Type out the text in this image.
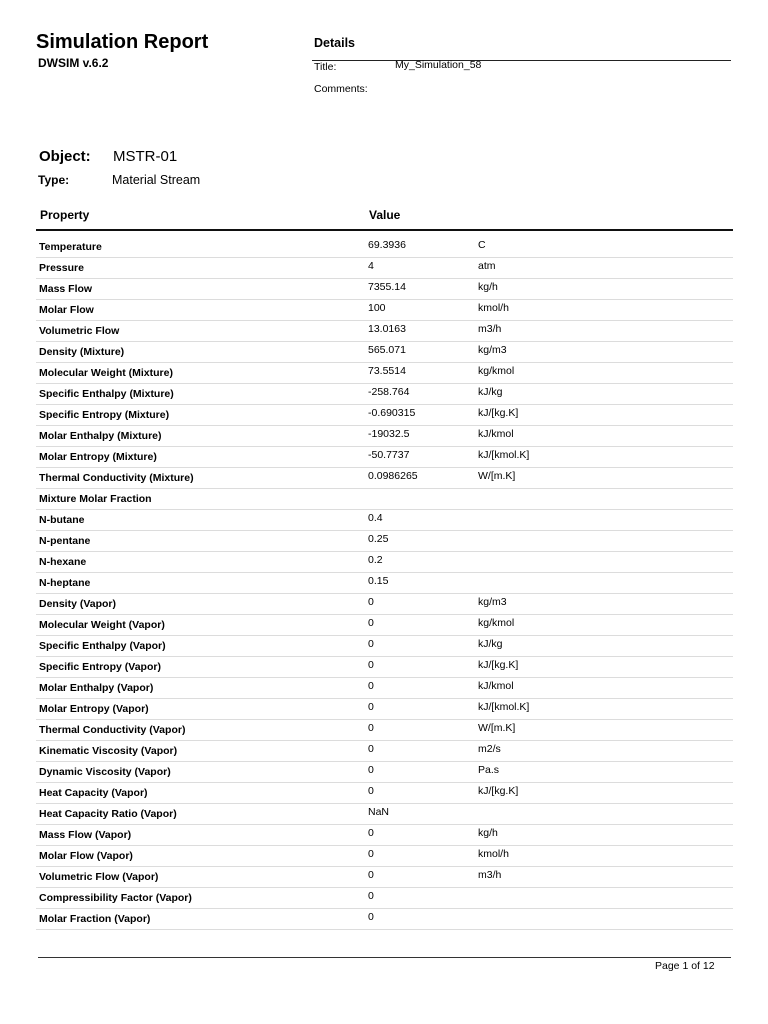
Simulation Report
DWSIM v.6.2
Details
Title:	My_Simulation_58
Comments:
Object: MSTR-01
Type:	Material Stream
Property	Value
Temperature	69.3936	C
Pressure	4	atm
Mass Flow	7355.14	kg/h
Molar Flow	100	kmol/h
Volumetric Flow	13.0163	m3/h
Density (Mixture)	565.071	kg/m3
Molecular Weight (Mixture)	73.5514	kg/kmol
Specific Enthalpy (Mixture)	-258.764	kJ/kg
Specific Entropy (Mixture)	-0.690315	kJ/[kg.K]
Molar Enthalpy (Mixture)	-19032.5	kJ/kmol
Molar Entropy (Mixture)	-50.7737	kJ/[kmol.K]
Thermal Conductivity (Mixture)	0.0986265	W/[m.K]
Mixture Molar Fraction
N-butane	0.4
N-pentane	0.25
N-hexane	0.2
N-heptane	0.15
Density (Vapor)	0	kg/m3
Molecular Weight (Vapor)	0	kg/kmol
Specific Enthalpy (Vapor)	0	kJ/kg
Specific Entropy (Vapor)	0	kJ/[kg.K]
Molar Enthalpy (Vapor)	0	kJ/kmol
Molar Entropy (Vapor)	0	kJ/[kmol.K]
Thermal Conductivity (Vapor)	0	W/[m.K]
Kinematic Viscosity (Vapor)	0	m2/s
Dynamic Viscosity (Vapor)	0	Pa.s
Heat Capacity (Vapor)	0	kJ/[kg.K]
Heat Capacity Ratio (Vapor)	NaN
Mass Flow (Vapor)	0	kg/h
Molar Flow (Vapor)	0	kmol/h
Volumetric Flow (Vapor)	0	m3/h
Compressibility Factor (Vapor)	0
Molar Fraction (Vapor)	0
Page 1 of 12
